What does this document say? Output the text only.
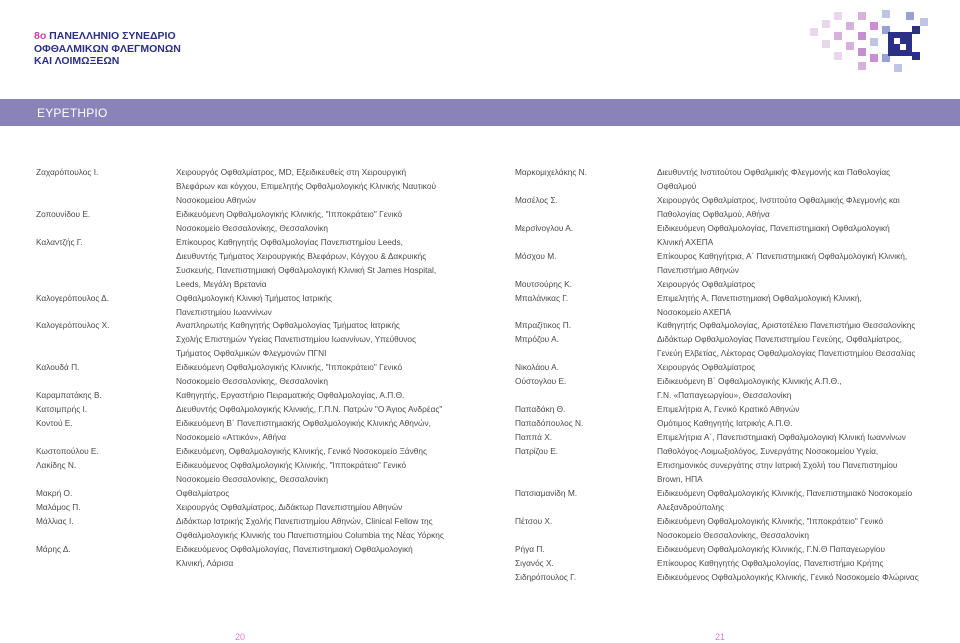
8ο ΠΑΝΕΛΛΗΝΙΟ ΣΥΝΕΔΡΙΟ
ΟΦΘΑΛΜΙΚΩΝ ΦΛΕΓΜΟΝΩΝ
ΚΑΙ ΛΟΙΜΩΞΕΩΝ
ΕΥΡΕΤΗΡΙΟ
Ζαχαρόπουλος Ι.	Χειρουργός Οφθαλμίατρος, MD, Εξειδικευθείς στη Χειρουργική
Βλεφάρων και κόγχου, Επιμελητής Οφθαλμολογικής Κλινικής Ναυτικού
Νοσοκομείου Αθηνών
Ζοπουνίδου Ε.	Ειδικευόμενη Οφθαλμολογικής Κλινικής, "Ιπποκράτειο" Γενικό
Νοσοκομείο Θεσσαλονίκης, Θεσσαλονίκη
Καλαντζής Γ.	Επίκουρος Καθηγητής Οφθαλμολογίας Πανεπιστημίου Leeds,
Διευθυντής Τμήματος Χειρουργικής Βλεφάρων, Κόγχου & Δακρυικής
Συσκευής, Πανεπιστημιακή Οφθαλμολογική Κλινική St James Hospital,
Leeds, Μεγάλη Βρετανία
Καλογερόπουλος Δ.	Οφθαλμολογική Κλινική Τμήματος Ιατρικής
Πανεπιστημίου Ιωαννίνων
Καλογερόπουλος Χ.	Αναπληρωτής Καθηγητής Οφθαλμολογίας Τμήματος Ιατρικής
Σχολής Επιστημών Υγείας Πανεπιστημίου Ιωαννίνων, Υπεύθυνος
Τμήματος Οφθαλμικών Φλεγμονών ΠΓΝΙ
Καλουδά Π.	Ειδικευόμενη Οφθαλμολογικής Κλινικής, "Ιπποκράτειο" Γενικό
Νοσοκομείο Θεσσαλονίκης, Θεσσαλονίκη
Καραμπατάκης Β.	Καθηγητής, Εργαστήριο Πειραματικής Οφθαλμολογίας, Α.Π.Θ.
Κατσιμπρής Ι.	Διευθυντής Οφθαλμολογικής Κλινικής, Γ.Π.Ν. Πατρών "Ο Άγιος Ανδρέας"
Κοντού Ε.	Ειδικευόμενη Β΄ Πανεπιστημιακής Οφθαλμολογικής Κλινικής Αθηνών,
Νοσοκομείο «Αττικόν», Αθήνα
Κωστοπούλου Ε.	Ειδικευόμενη, Οφθαλμολογικής Κλινικής, Γενικό Νοσοκομείο Ξάνθης
Λακίδης Ν.	Ειδικευόμενος Οφθαλμολογικής Κλινικής, "Ιπποκράτειο" Γενικό
Νοσοκομείο Θεσσαλονίκης, Θεσσαλονίκη
Μακρή Ο.	Οφθαλμίατρος
Μαλάμος Π.	Χειρουργός Οφθαλμίατρος, Διδάκτωρ Πανεπιστημίου Αθηνών
Μάλλιας Ι.	Διδάκτωρ Ιατρικής Σχολής Πανεπιστημίου Αθηνών, Clinical Fellow της
Οφθαλμολογικής Κλινικής του Πανεπιστημίου Columbia της Νέας Υόρκης
Μάρης Δ.	Ειδικευόμενος Οφθαλμολογίας, Πανεπιστημιακή Οφθαλμολογική
Κλινική, Λάρισα
Μαρκομιχελάκης Ν.	Διευθυντής Ινστιτούτου Οφθαλμικής Φλεγμονής και Παθολογίας
Οφθαλμού
Μασέλος Σ.	Χειρουργός Οφθαλμίατρος, Ινστιτούτο Οφθαλμικής Φλεγμονής και
Παθολογίας Οφθαλμού, Αθήνα
Μερσίνογλου Α.	Ειδικευόμενη Οφθαλμολογίας, Πανεπιστημιακή Οφθαλμολογική
Κλινική ΑΧΕΠΑ
Μόσχου Μ.	Επίκουρος Καθηγήτρια, Α΄ Πανεπιστημιακή Οφθαλμολογική Κλινική,
Πανεπιστήμιο Αθηνών
Μουτσούρης Κ.	Χειρουργός Οφθαλμίατρος
Μπαλάνικας Γ.	Επιμελητής Α, Πανεπιστημιακή Οφθαλμολογική Κλινική,
Νοσοκομείο ΑΧΕΠΑ
Μπραζίτικος Π.	Καθηγητής Οφθαλμολογίας, Αριστοτέλειο Πανεπιστήμιο Θεσσαλονίκης
Μπρόζου Α.	Διδάκτωρ Οφθαλμολογίας Πανεπιστημίου Γενεύης, Οφθαλμίατρος,
Γενεύη Ελβετίας, Λέκτορας Οφθαλμολογίας Πανεπιστημίου Θεσσαλίας
Νικολάου Α.	Χειρουργός Οφθαλμίατρος
Ούστογλου Ε.	Ειδικευόμενη Β΄ Οφθαλμολογικής Κλινικής Α.Π.Θ.,
Γ.Ν. «Παπαγεωργίου», Θεσσαλονίκη
Παπαδάκη Θ.	Επιμελήτρια Α, Γενικό Κρατικό Αθηνών
Παπαδόπουλος Ν.	Ομότιμος Καθηγητής Ιατρικής Α.Π.Θ.
Παππά Χ.	Επιμελήτρια Α΄, Πανεπιστημιακή Οφθαλμολογική Κλινική Ιωαννίνων
Πατρίζου Ε.	Παθολόγος-Λοιμωξιολόγος, Συνεργάτης Νοσοκομείου Υγεία,
Επισημονικός συνεργάτης στην Ιατρική Σχολή του Πανεπιστημίου
Brown, ΗΠΑ
Πατσιαμανίδη Μ.	Ειδικευόμενη Οφθαλμολογικής Κλινικής, Πανεπιστημιακό Νοσοκομείο
Αλεξανδρούπολης
Πέτσου Χ.	Ειδικευόμενη Οφθαλμολογικής Κλινικής, "Ιπποκράτειο" Γενικό
Νοσοκομείο Θεσσαλονίκης, Θεσσαλονίκη
Ρήγα Π.	Ειδικευόμενη Οφθαλμολογικής Κλινικής, Γ.Ν.Θ Παπαγεωργίου
Σιγανός Χ.	Επίκουρος Καθηγητής Οφθαλμολογίας, Πανεπιστήμιο Κρήτης
Σιδηρόπουλος Γ.	Ειδικευόμενος Οφθαλμολογικής Κλινικής, Γενικό Νοσοκομείο Φλώρινας
20	21
